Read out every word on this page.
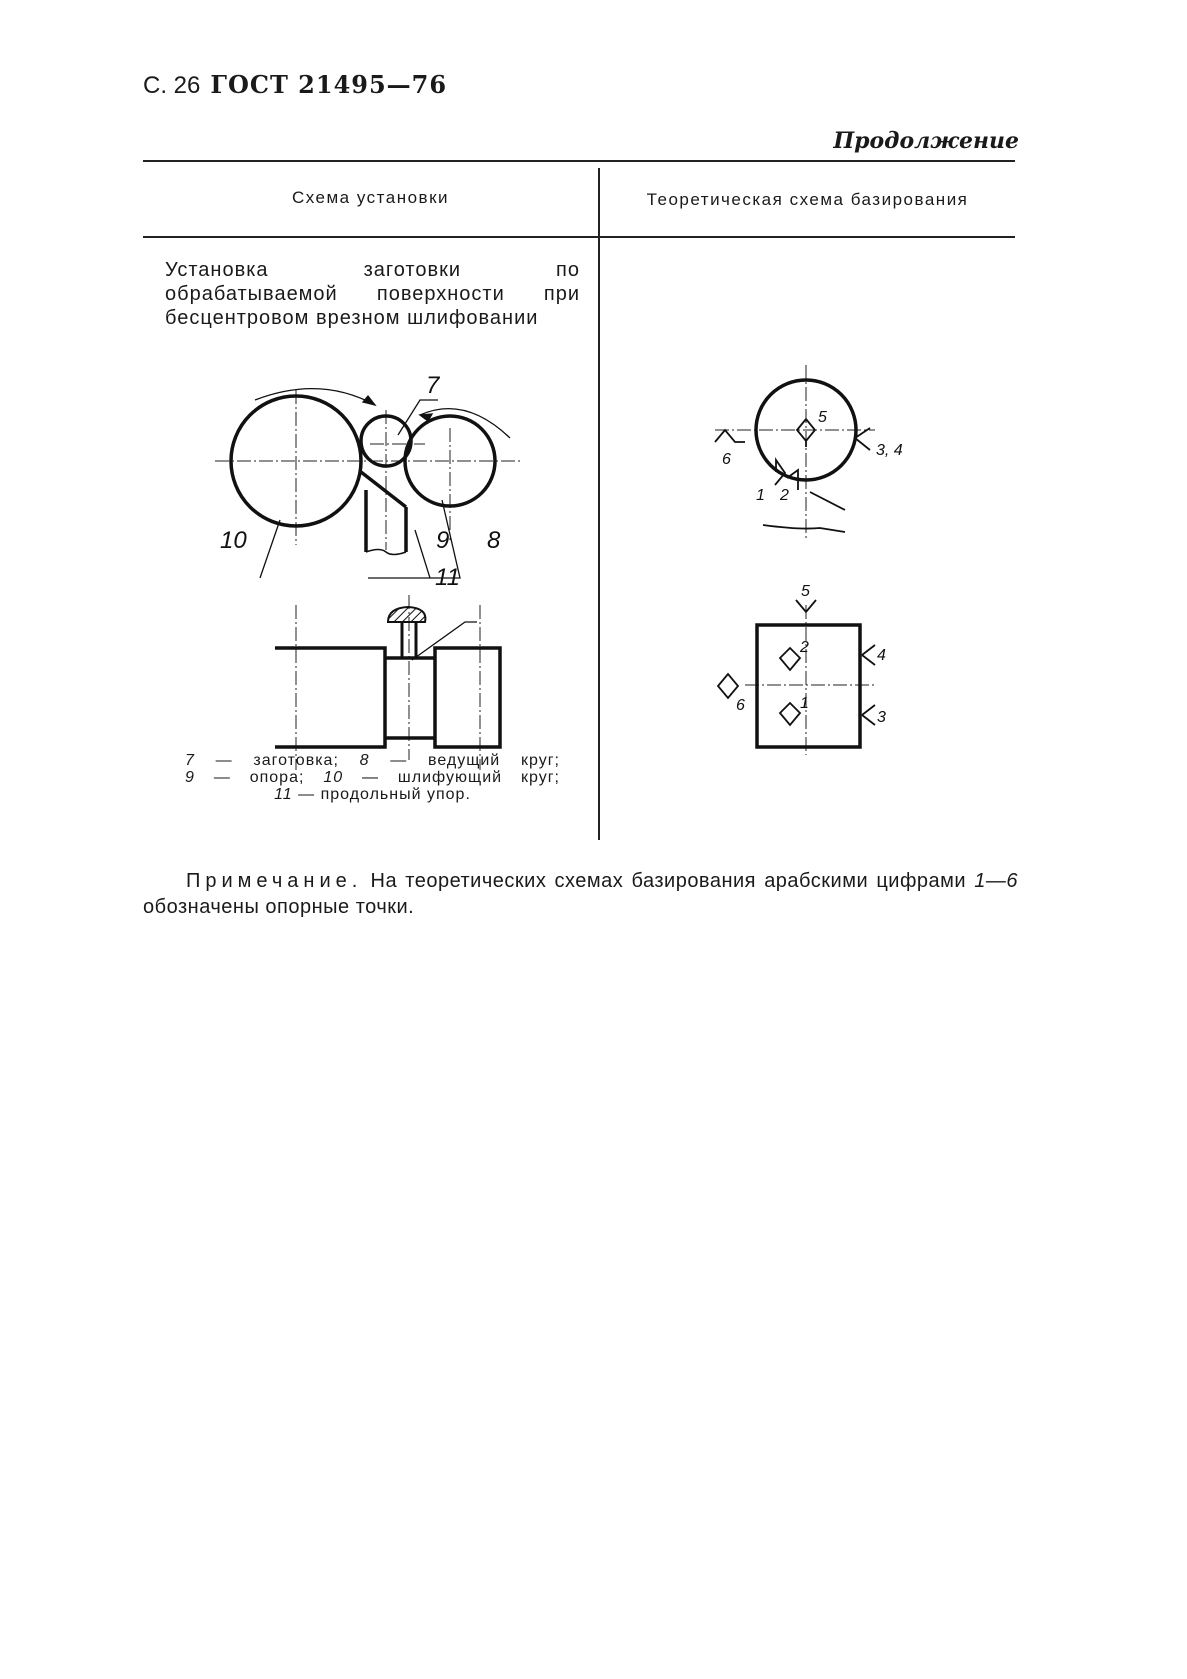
С. 26 ГОСТ 21495—76
Продолжение
Схема установки	Теоретическая схема базирования

Установка заготовки по обрабатываемой поверхности при бесцентровом врезном шлифовании

7
8
9
10
11
7 — заготовка; 8 — ведущий круг;
9 — опора; 10 — шлифующий круг;
11 — продольный упор.
5
6
3, 4
1 2
5
4
2
6	1
3
Примечание. На теоретических схемах базирования арабскими цифрами 1—6 обозначены опорные точки.
